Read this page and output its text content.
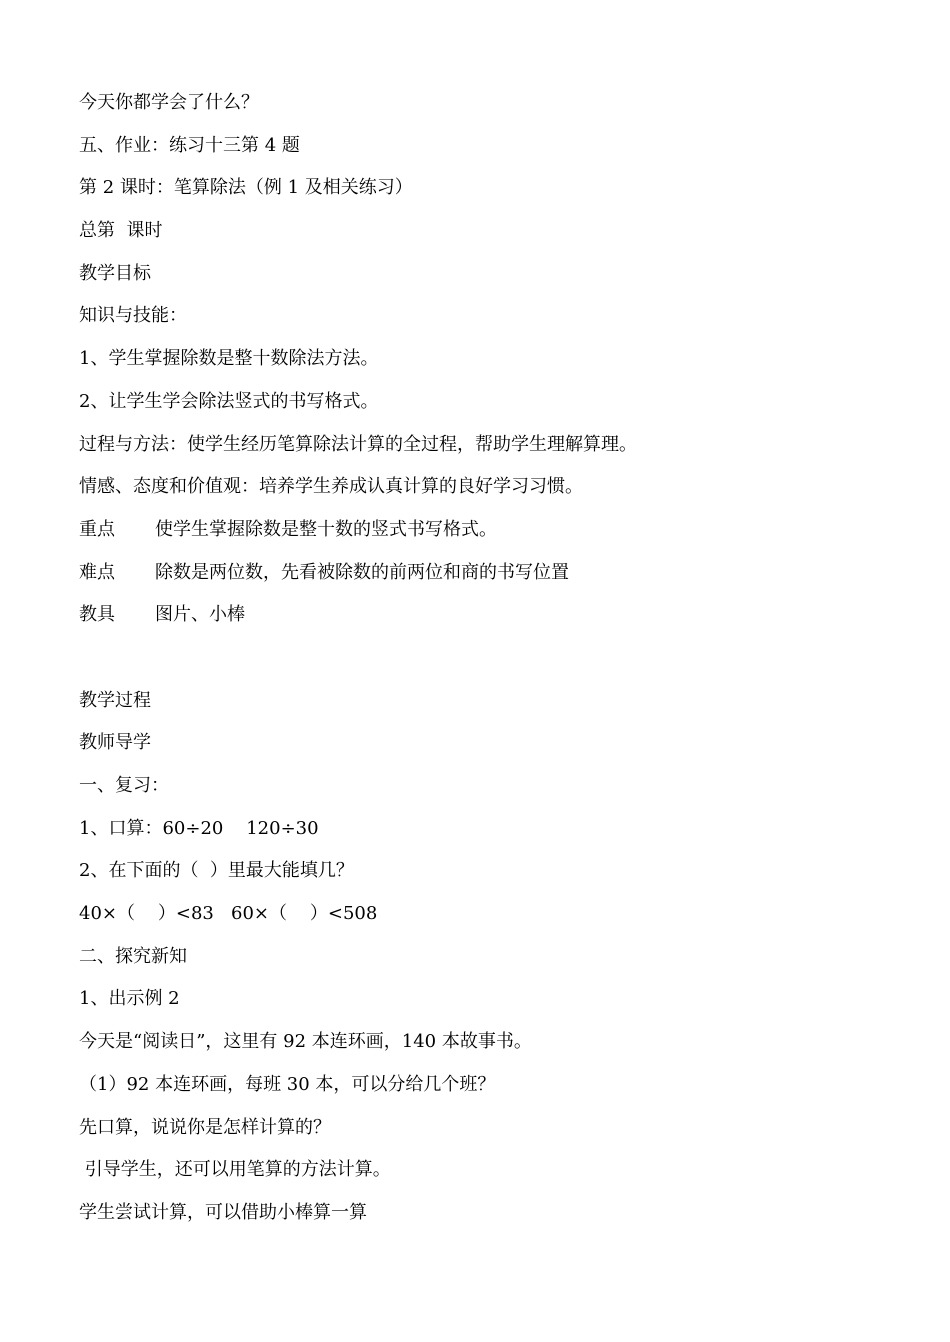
今天你都学会了什么？
五、作业：练习十三第 4 题
第 2 课时：笔算除法（例 1 及相关练习）
总第  课时
教学目标
知识与技能：
1、学生掌握除数是整十数除法方法。
2、让学生学会除法竖式的书写格式。
过程与方法：使学生经历笔算除法计算的全过程，帮助学生理解算理。
情感、态度和价值观：培养学生养成认真计算的良好学习习惯。
重点 使学生掌握除数是整十数的竖式书写格式。
难点 除数是两位数，先看被除数的前两位和商的书写位置
教具 图片、小棒
教学过程
教师导学
一、复习：
1、口算：60÷20    120÷30
2、在下面的（  ）里最大能填几？
40×（    ）<83   60×（    ）<508
二、探究新知
1、出示例 2
今天是“阅读日”，这里有 92 本连环画，140 本故事书。
（1）92 本连环画，每班 30 本，可以分给几个班？
先口算，说说你是怎样计算的？
引导学生，还可以用笔算的方法计算。
学生尝试计算，可以借助小棒算一算
